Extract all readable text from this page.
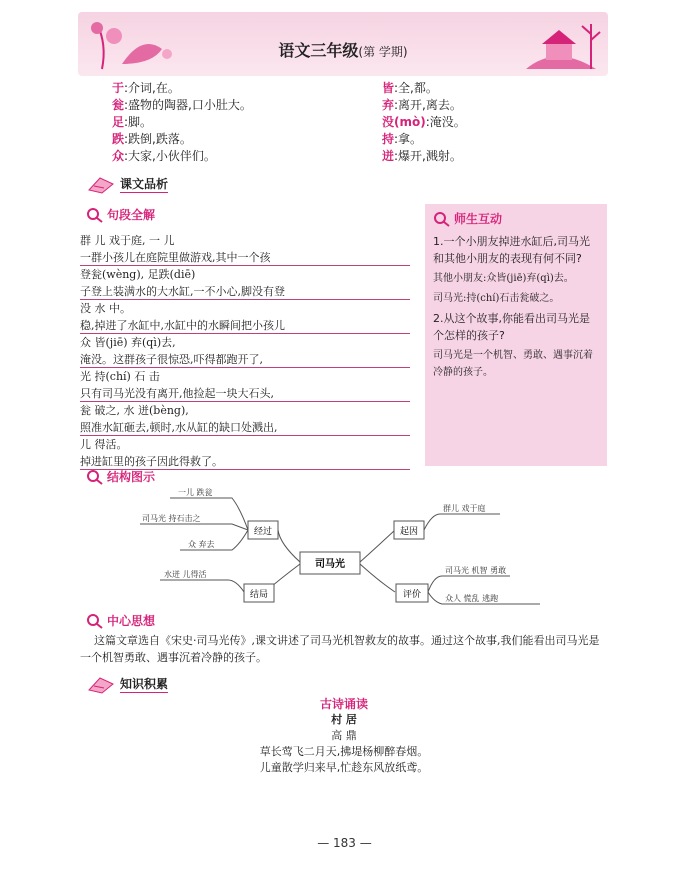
语文三年级(第 学期)
于:介词,在。
瓮:盛物的陶器,口小肚大。
足:脚。
跌:跌倒,跌落。
众:大家,小伙伴们。
皆:全,都。
弃:离开,离去。
没(mò):淹没。
持:拿。
迸:爆开,溅射。
课文品析
句段全解
群 儿 戏于庭, 一 儿
一群小孩儿在庭院里做游戏,其中一个孩
登瓮(wèng), 足跌(diē)
子登上装满水的大水缸,一不小心,脚没有登
没 水 中。
稳,掉进了水缸中,水缸中的水瞬间把小孩儿
众 皆(jiē) 弃(qì)去,
淹没。这群孩子很惊恐,吓得都跑开了,
光 持(chí) 石 击
只有司马光没有离开,他捡起一块大石头,
瓮 破之, 水 迸(bèng),
照准水缸砸去,顿时,水从缸的缺口处溅出,
儿 得活。
掉进缸里的孩子因此得救了。
师生互动

1.一个小朋友掉进水缸后,司马光和其他小朋友的表现有何不同?

其他小朋友:众皆(jiē)弃(qì)去。

司马光:持(chí)石击瓮破之。

2.从这个故事,你能看出司马光是个怎样的孩子?

司马光是一个机智、勇敢、遇事沉着冷静的孩子。

结构图示
司马光
经过
结局
起因
评价
一儿 跌瓮
司马光 持石击之
众 弃去
水迸 儿得活
群儿 戏于庭
司马光 机智 勇敢
众人 慌乱 逃跑
中心思想
这篇文章选自《宋史·司马光传》,课文讲述了司马光机智救友的故事。通过这个故事,我们能看出司马光是一个机智勇敢、遇事沉着冷静的孩子。
知识积累
古诗诵读
村 居
高 鼎
草长莺飞二月天,拂堤杨柳醉春烟。
儿童散学归来早,忙趁东风放纸鸢。
— 183 —
